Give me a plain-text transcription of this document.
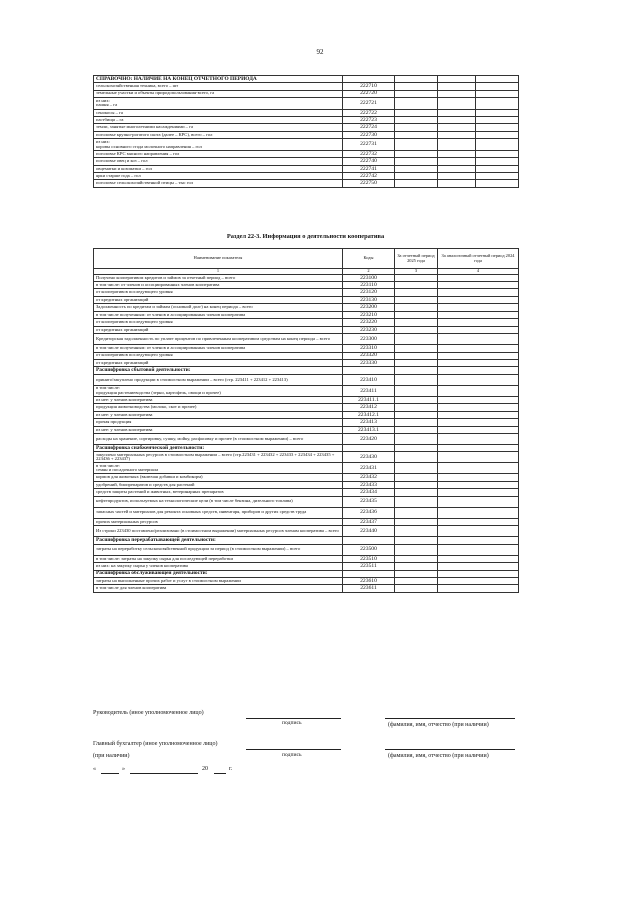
92
СПРАВОЧНО: НАЛИЧИЕ НА КОНЕЦ ОТЧЕТНОГО ПЕРИОДА				
сельскохозяйственная техника, всего – шт	222710			
земельные участки и объекты природопользования-всего, га	222720			
из них:
пашня – га	222721			
сенокосы – га	222722			
пастбища – га	222723			
земли, занятые многолетними насаждениями – га	222724			
поголовье крупно-рогатого скота (далее – КРС), всего – гол	222730			
из них:
коровы основного стада молочного направления – гол	222731			
поголовье КРС мясного направления – гол	222732			
поголовье овец и коз – гол	222740			
овцематки и козоматки – гол	222741			
ярки старше года – гол	222742			
поголовье сельскохозяйственной птицы – тыс гол	222750			
Раздел 22-3. Информация о деятельности кооператива
Наименование показателя	Коды	За отчетный период 2025 года	За аналогичный отчетный период 2024 года
1	2	3	4
Получено кооперативом кредитов и займов за отчетный период – всего	223100		
в том числе: от членов и ассоциированных членов кооператива	223110		
от кооперативов последующего уровня	223120		
от кредитных организаций	223130		
Задолженность по кредитам и займам (основной долг) на конец периода – всего	223200		
в том числе полученным: от членов и ассоциированных членов кооператива	223210		
от кооперативов последующего уровня	223220		
от кредитных организаций	223230		
Кредиторская задолженность по уплате процентов по привлеченным кооперативом средствам на конец периода – всего	223300		
в том числе полученным: от членов и ассоциированных членов кооператива	223310		
от кооперативов последующего уровня	223320		
от кредитных организаций	223330		
Расшифровка сбытовой деятельности:			
принято/закуплено продукции в стоимостном выражении – всего (стр. 223411 + 223412 + 223413)	223410		
в том числе:
продукция растениеводства (зерно, картофель, овощи и прочее)	223411		
из нее: у членов кооператива	223411.1		
продукция животноводства (молоко, скот и прочее)	223412		
из нее: у членов кооператива	223412.1		
прочая продукция	223413		
из нее: у членов кооператива	223413.1		
расходы на хранение, сортировку, сушку, мойку, расфасовку и прочее (в стоимостном выражении) – всего	223420		
Расшифровка снабженческой деятельности:			
закуплено материальных ресурсов в стоимостном выражении – всего (стр.223431 + 223432 + 223433 + 223434 + 223435 + 223436 + 223437)	223430		
в том числе:
семян и посадочного материала	223431		
кормов для животных (включая добавки и комбикорм)	223432		
удобрений, биопрепаратов и средств для растений	223433		
средств защиты растений и животных, ветеринарных препаратов	223434		
нефтепродуктов, используемых на технологические цели (в том числе бензина, дизельного топлива)	223435		
запасных частей и материалов для ремонта основных средств, инвентаря, приборов и других средств труда	223436		
прочих материальных ресурсов	223437		
Из строки 223430 поставлено/реализовано (в стоимостном выражении) материальных ресурсов членам кооператива – всего	223440		
Расшифровка перерабатывающей деятельности:			
затраты на переработку сельскохозяйственной продукции за период (в стоимостном выражении) – всего	223500		
в том числе: затраты на закупку сырья для последующей переработки	223510		
из них: на закупку сырья у членов кооператива	223511		
Расшифровка обслуживающей деятельности:			
затраты на выполненные прочих работ и услуг в стоимостном выражении	223610		
в том числе для членов кооператива	223611		
Руководитель (иное уполномоченное лицо)
подпись	(фамилия, имя, отчество (при наличии)
Главный бухгалтер (иное уполномоченное лицо)
(при наличии)	подпись	(фамилия, имя, отчество (при наличии)
«	»	20	г.
